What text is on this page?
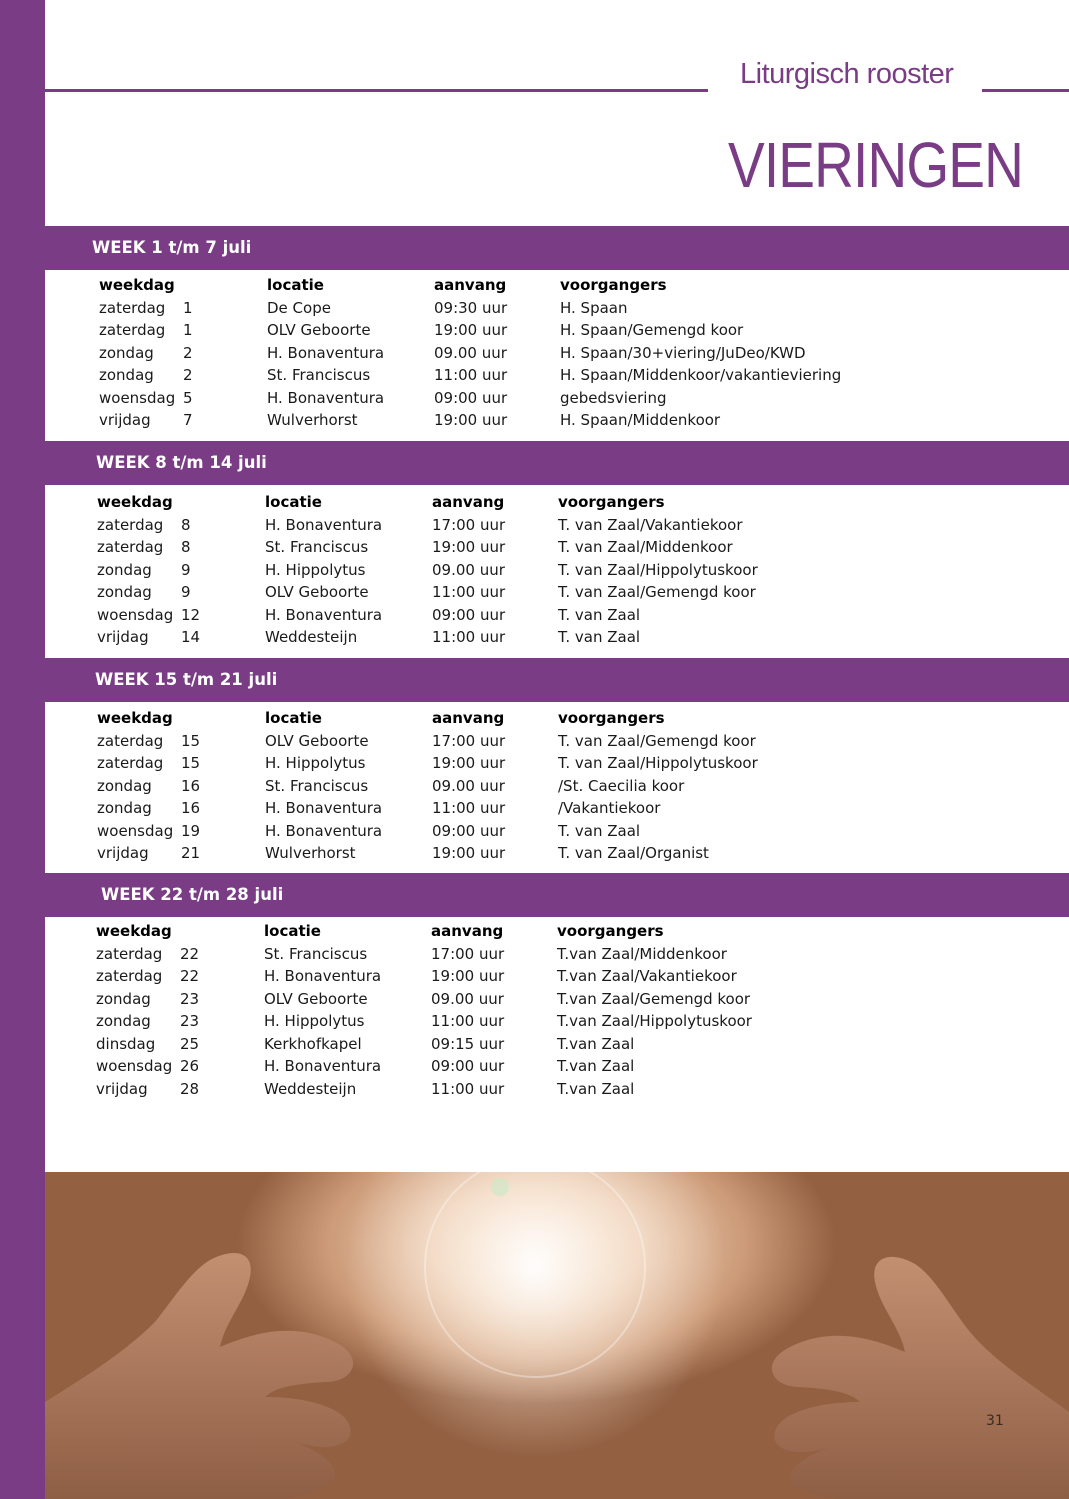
Liturgisch rooster
VIERINGEN
WEEK 1 t/m 7 juli
weekdag	locatie	aanvang	voorgangers
zaterdag 1	De Cope	09:30 uur	H. Spaan
zaterdag 1	OLV Geboorte	19:00 uur	H. Spaan/Gemengd koor
zondag 2	H. Bonaventura	09.00 uur	H. Spaan/30+viering/JuDeo/KWD
zondag 2	St. Franciscus	11:00 uur	H. Spaan/Middenkoor/vakantieviering
woensdag 5	H. Bonaventura	09:00 uur	gebedsviering
vrijdag 7	Wulverhorst	19:00 uur	H. Spaan/Middenkoor
WEEK 8 t/m 14 juli
weekdag	locatie	aanvang	voorgangers
zaterdag 8	H. Bonaventura	17:00 uur	T. van Zaal/Vakantiekoor
zaterdag 8	St. Franciscus	19:00 uur	T. van Zaal/Middenkoor
zondag 9	H. Hippolytus	09.00 uur	T. van Zaal/Hippolytuskoor
zondag 9	OLV Geboorte	11:00 uur	T. van Zaal/Gemengd koor
woensdag 12	H. Bonaventura	09:00 uur	T. van Zaal
vrijdag 14	Weddesteijn	11:00 uur	T. van Zaal
WEEK 15 t/m 21 juli
weekdag	locatie	aanvang	voorgangers
zaterdag 15	OLV Geboorte	17:00 uur	T. van Zaal/Gemengd koor
zaterdag 15	H. Hippolytus	19:00 uur	T. van Zaal/Hippolytuskoor
zondag 16	St. Franciscus	09.00 uur	/St. Caecilia koor
zondag 16	H. Bonaventura	11:00 uur	/Vakantiekoor
woensdag 19	H. Bonaventura	09:00 uur	T. van Zaal
vrijdag 21	Wulverhorst	19:00 uur	T. van Zaal/Organist
WEEK 22 t/m 28 juli
weekdag	locatie	aanvang	voorgangers
zaterdag 22	St. Franciscus	17:00 uur	T.van Zaal/Middenkoor
zaterdag 22	H. Bonaventura	19:00 uur	T.van Zaal/Vakantiekoor
zondag 23	OLV Geboorte	09.00 uur	T.van Zaal/Gemengd koor
zondag 23	H. Hippolytus	11:00 uur	T.van Zaal/Hippolytuskoor
dinsdag 25	Kerkhofkapel	09:15 uur	T.van Zaal
woensdag 26	H. Bonaventura	09:00 uur	T.van Zaal
vrijdag 28	Weddesteijn	11:00 uur	T.van Zaal
31
